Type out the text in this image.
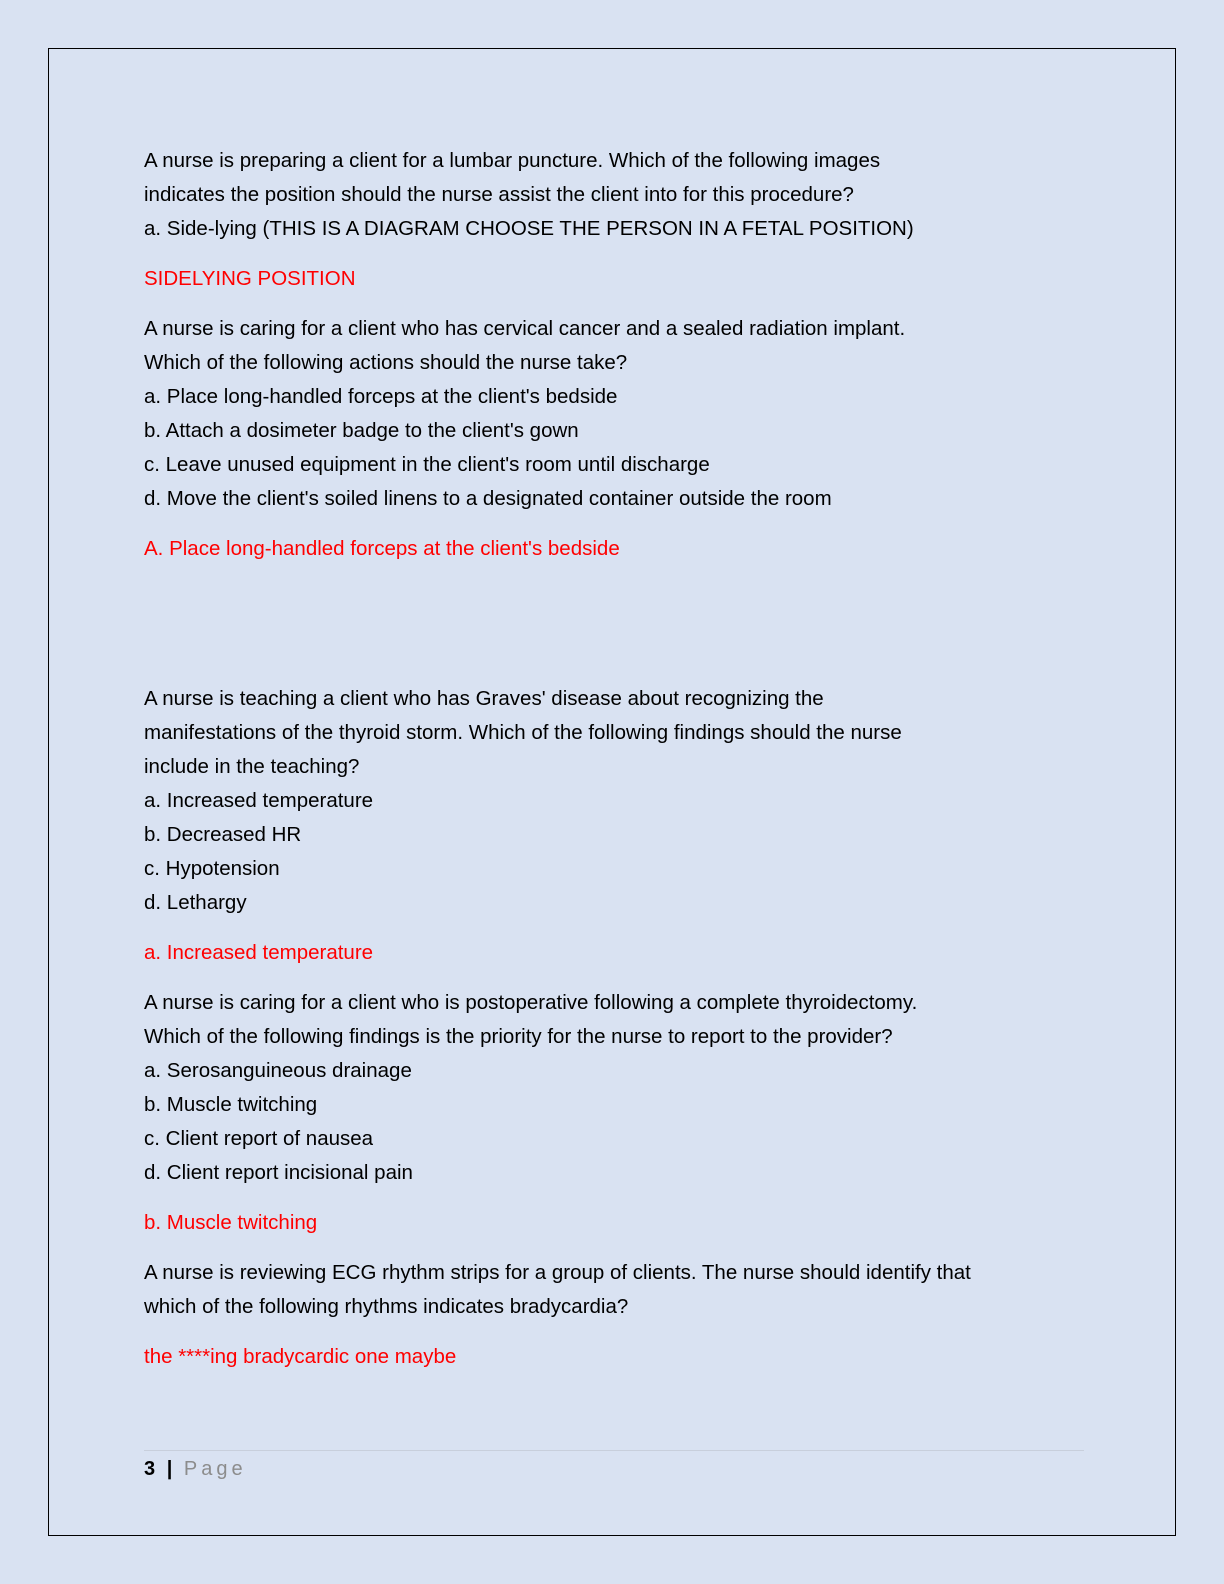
A nurse is preparing a client for a lumbar puncture. Which of the following images
indicates the position should the nurse assist the client into for this procedure?
a. Side-lying (THIS IS A DIAGRAM CHOOSE THE PERSON IN A FETAL POSITION)
SIDELYING POSITION
A nurse is caring for a client who has cervical cancer and a sealed radiation implant.
Which of the following actions should the nurse take?
a. Place long-handled forceps at the client's bedside
b. Attach a dosimeter badge to the client's gown
c. Leave unused equipment in the client's room until discharge
d. Move the client's soiled linens to a designated container outside the room
A. Place long-handled forceps at the client's bedside
A nurse is teaching a client who has Graves' disease about recognizing the
manifestations of the thyroid storm. Which of the following findings should the nurse
include in the teaching?
a. Increased temperature
b. Decreased HR
c. Hypotension
d. Lethargy
a. Increased temperature
A nurse is caring for a client who is postoperative following a complete thyroidectomy.
Which of the following findings is the priority for the nurse to report to the provider?
a. Serosanguineous drainage
b. Muscle twitching
c. Client report of nausea
d. Client report incisional pain
b. Muscle twitching
A nurse is reviewing ECG rhythm strips for a group of clients. The nurse should identify that
which of the following rhythms indicates bradycardia?
the ****ing bradycardic one maybe
3 | Page
